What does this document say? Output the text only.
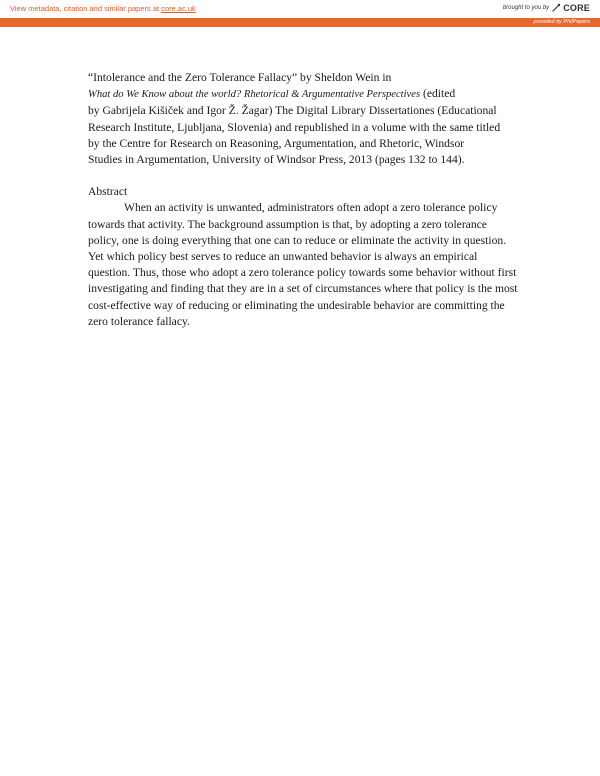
View metadata, citation and similar papers at core.ac.uk	brought to you by CORE
provided by PhilPapers
“Intolerance and the Zero Tolerance Fallacy” by Sheldon Wein in
What do We Know about the world? Rhetorical & Argumentative Perspectives (edited
by Gabrijela Kišiček and Igor Ž. Žagar) The Digital Library Dissertationes (Educational
Research Institute, Ljubljana, Slovenia) and republished in a volume with the same titled
by the Centre for Research on Reasoning, Argumentation, and Rhetoric, Windsor
Studies in Argumentation, University of Windsor Press, 2013 (pages 132 to 144).
Abstract

When an activity is unwanted, administrators often adopt a zero tolerance policy towards that activity. The background assumption is that, by adopting a zero tolerance policy, one is doing everything that one can to reduce or eliminate the activity in question. Yet which policy best serves to reduce an unwanted behavior is always an empirical question. Thus, those who adopt a zero tolerance policy towards some behavior without first investigating and finding that they are in a set of circumstances where that policy is the most cost-effective way of reducing or eliminating the undesirable behavior are committing the zero tolerance fallacy.
